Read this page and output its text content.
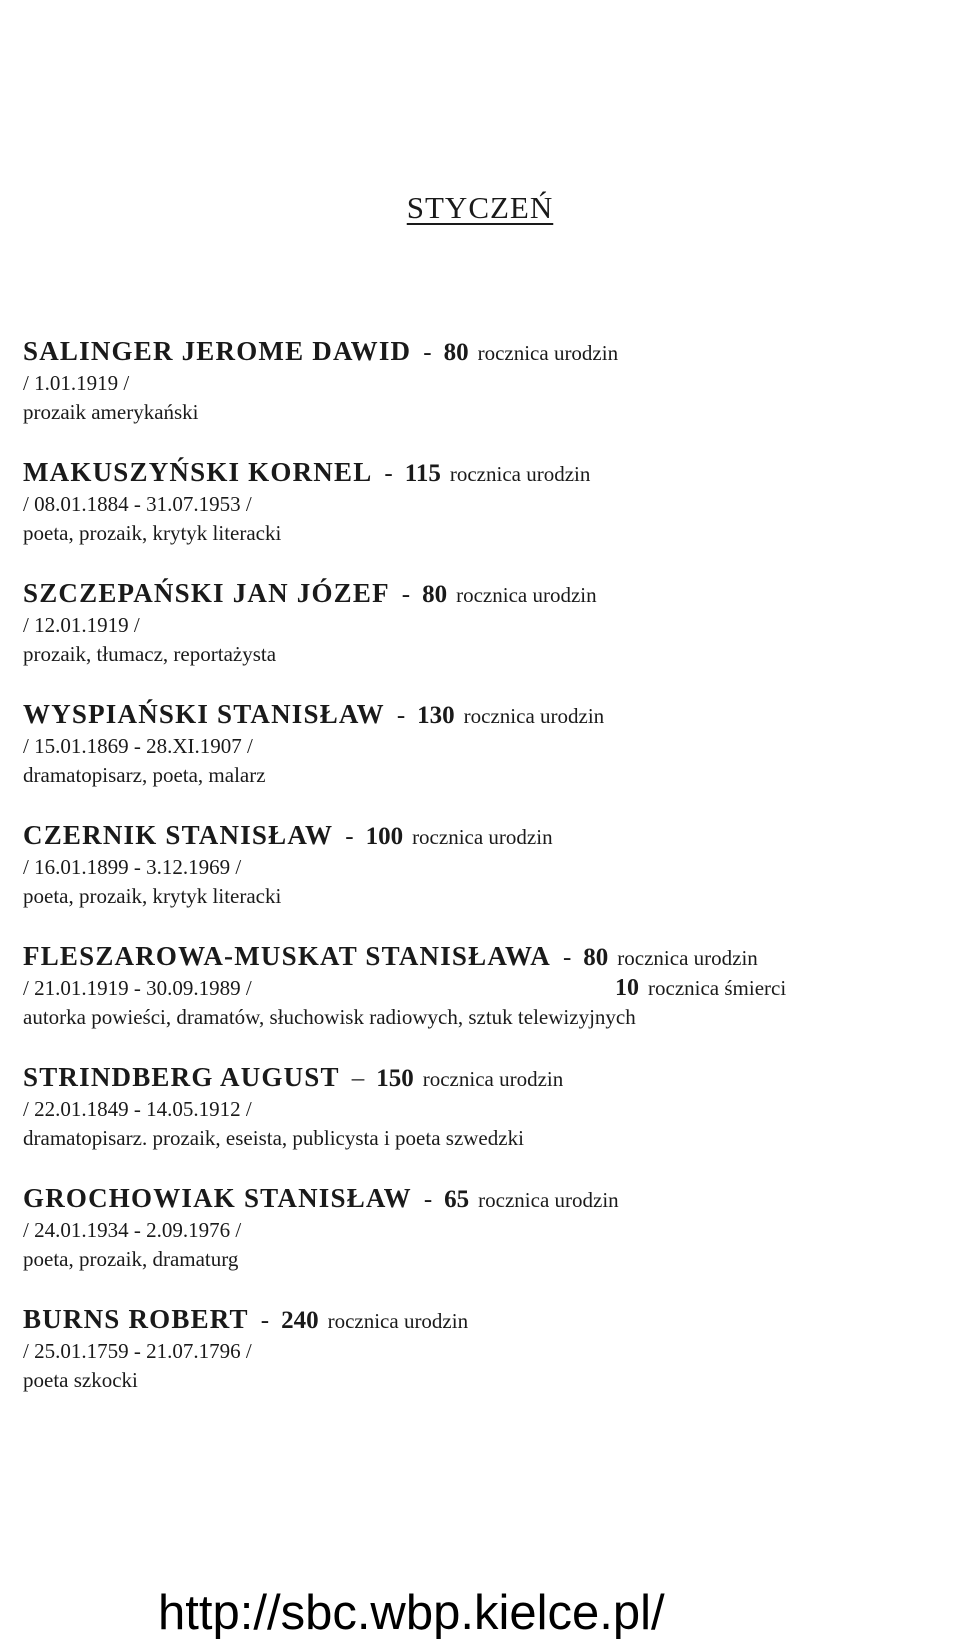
STYCZEŃ
SALINGER JEROME DAWID - 80 rocznica urodzin
/ 1.01.1919 /
prozaik amerykański
MAKUSZYŃSKI KORNEL - 115 rocznica urodzin
/ 08.01.1884 - 31.07.1953 /
poeta, prozaik, krytyk literacki
SZCZEPAŃSKI JAN JÓZEF - 80 rocznica urodzin
/ 12.01.1919 /
prozaik, tłumacz, reportażysta
WYSPIAŃSKI STANISŁAW - 130 rocznica urodzin
/ 15.01.1869 - 28.XI.1907 /
dramatopisarz, poeta, malarz
CZERNIK STANISŁAW - 100 rocznica urodzin
/ 16.01.1899 - 3.12.1969 /
poeta, prozaik, krytyk literacki
FLESZAROWA-MUSKAT STANISŁAWA - 80 rocznica urodzin
/ 21.01.1919 - 30.09.1989 /	10 rocznica śmierci
autorka powieści, dramatów, słuchowisk radiowych, sztuk telewizyjnych
STRINDBERG AUGUST – 150 rocznica urodzin
/ 22.01.1849 - 14.05.1912 /
dramatopisarz. prozaik, eseista, publicysta i poeta szwedzki
GROCHOWIAK STANISŁAW - 65 rocznica urodzin
/ 24.01.1934 - 2.09.1976 /
poeta, prozaik, dramaturg
BURNS ROBERT - 240 rocznica urodzin
/ 25.01.1759 - 21.07.1796 /
poeta szkocki
http://sbc.wbp.kielce.pl/
